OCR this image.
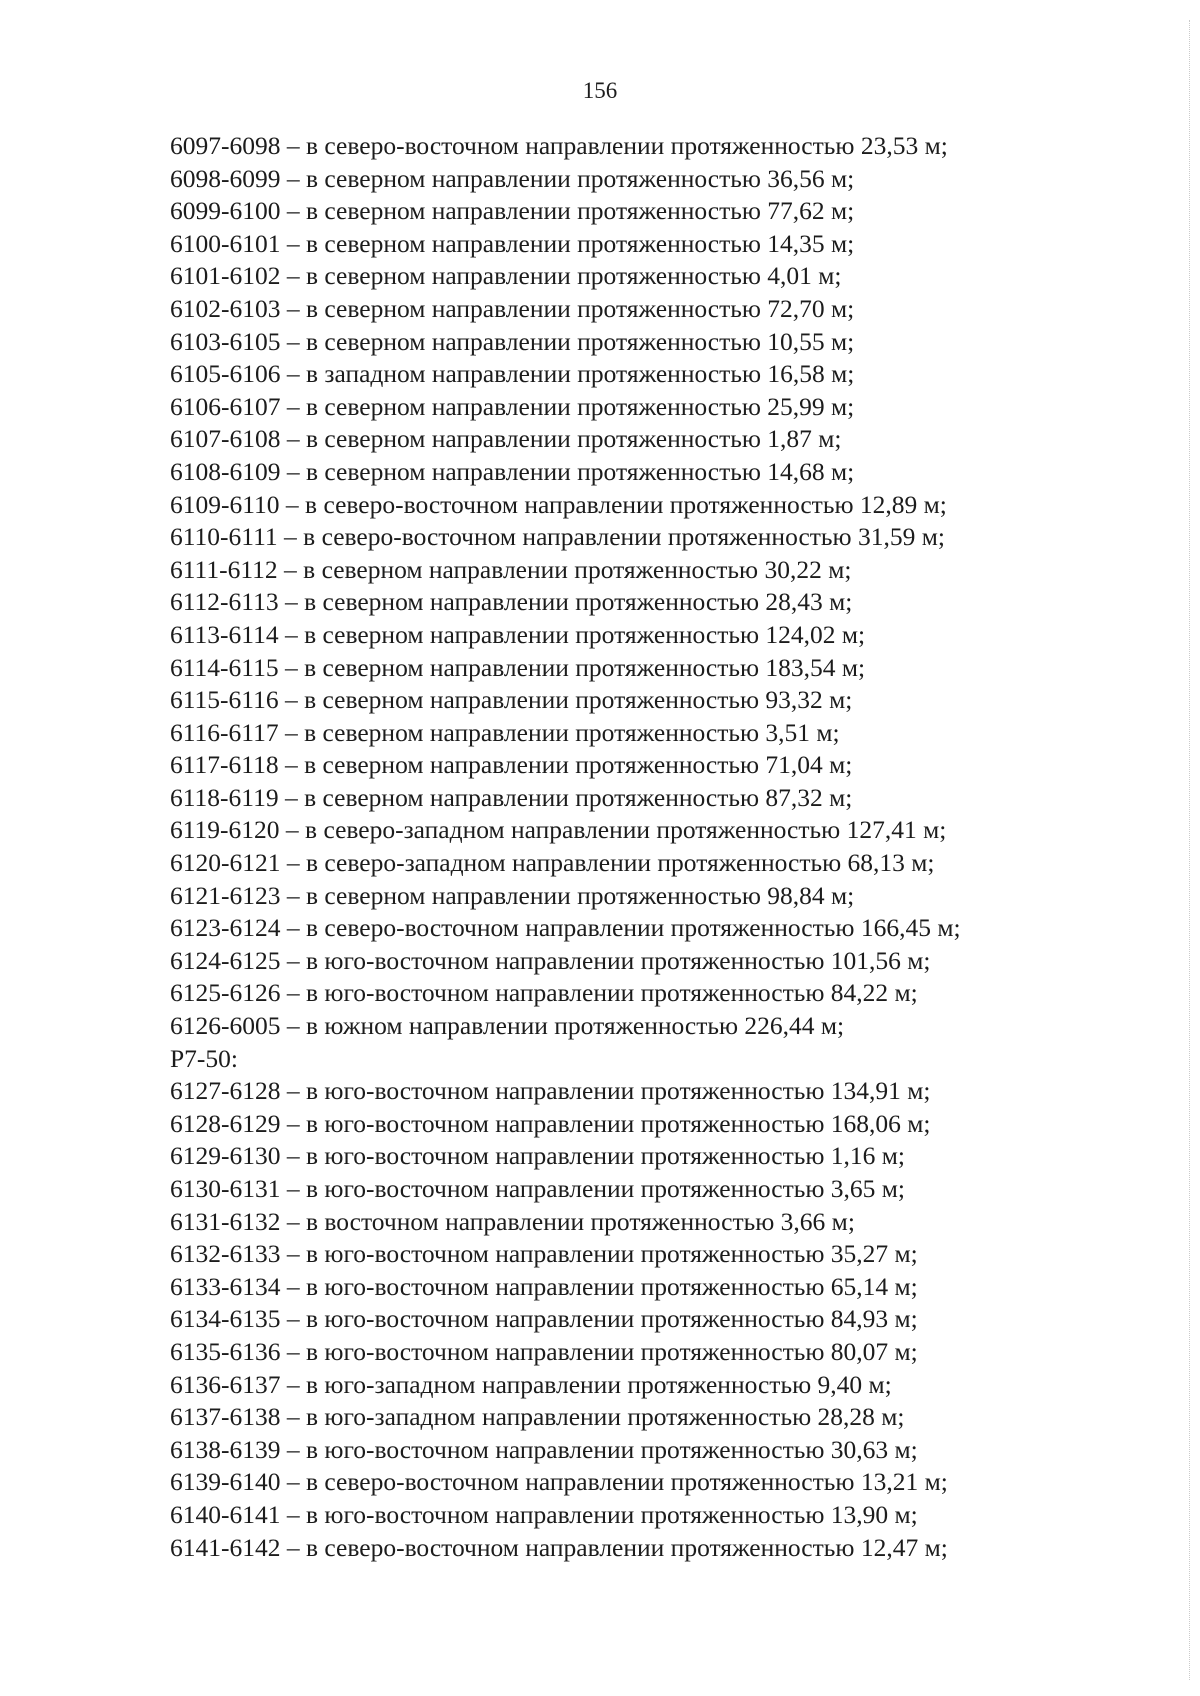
156
6097-6098 – в северо-восточном направлении протяженностью 23,53 м;
6098-6099 – в северном направлении протяженностью 36,56 м;
6099-6100 – в северном направлении протяженностью 77,62 м;
6100-6101 – в северном направлении протяженностью 14,35 м;
6101-6102 – в северном направлении протяженностью 4,01 м;
6102-6103 – в северном направлении протяженностью 72,70 м;
6103-6105 – в северном направлении протяженностью 10,55 м;
6105-6106 – в западном направлении протяженностью 16,58 м;
6106-6107 – в северном направлении протяженностью 25,99 м;
6107-6108 – в северном направлении протяженностью 1,87 м;
6108-6109 – в северном направлении протяженностью 14,68 м;
6109-6110 – в северо-восточном направлении протяженностью 12,89 м;
6110-6111 – в северо-восточном направлении протяженностью 31,59 м;
6111-6112 – в северном направлении протяженностью 30,22 м;
6112-6113 – в северном направлении протяженностью 28,43 м;
6113-6114 – в северном направлении протяженностью 124,02 м;
6114-6115 – в северном направлении протяженностью 183,54 м;
6115-6116 – в северном направлении протяженностью 93,32 м;
6116-6117 – в северном направлении протяженностью 3,51 м;
6117-6118 – в северном направлении протяженностью 71,04 м;
6118-6119 – в северном направлении протяженностью 87,32 м;
6119-6120 – в северо-западном направлении протяженностью 127,41 м;
6120-6121 – в северо-западном направлении протяженностью 68,13 м;
6121-6123 – в северном направлении протяженностью 98,84 м;
6123-6124 – в северо-восточном направлении протяженностью 166,45 м;
6124-6125 – в юго-восточном направлении протяженностью 101,56 м;
6125-6126 – в юго-восточном направлении протяженностью 84,22 м;
6126-6005 – в южном направлении протяженностью 226,44 м;
Р7-50:
6127-6128 – в юго-восточном направлении протяженностью 134,91 м;
6128-6129 – в юго-восточном направлении протяженностью 168,06 м;
6129-6130 – в юго-восточном направлении протяженностью 1,16 м;
6130-6131 – в юго-восточном направлении протяженностью 3,65 м;
6131-6132 – в восточном направлении протяженностью 3,66 м;
6132-6133 – в юго-восточном направлении протяженностью 35,27 м;
6133-6134 – в юго-восточном направлении протяженностью 65,14 м;
6134-6135 – в юго-восточном направлении протяженностью 84,93 м;
6135-6136 – в юго-восточном направлении протяженностью 80,07 м;
6136-6137 – в юго-западном направлении протяженностью 9,40 м;
6137-6138 – в юго-западном направлении протяженностью 28,28 м;
6138-6139 – в юго-восточном направлении протяженностью 30,63 м;
6139-6140 – в северо-восточном направлении протяженностью 13,21 м;
6140-6141 – в юго-восточном направлении протяженностью 13,90 м;
6141-6142 – в северо-восточном направлении протяженностью 12,47 м;
